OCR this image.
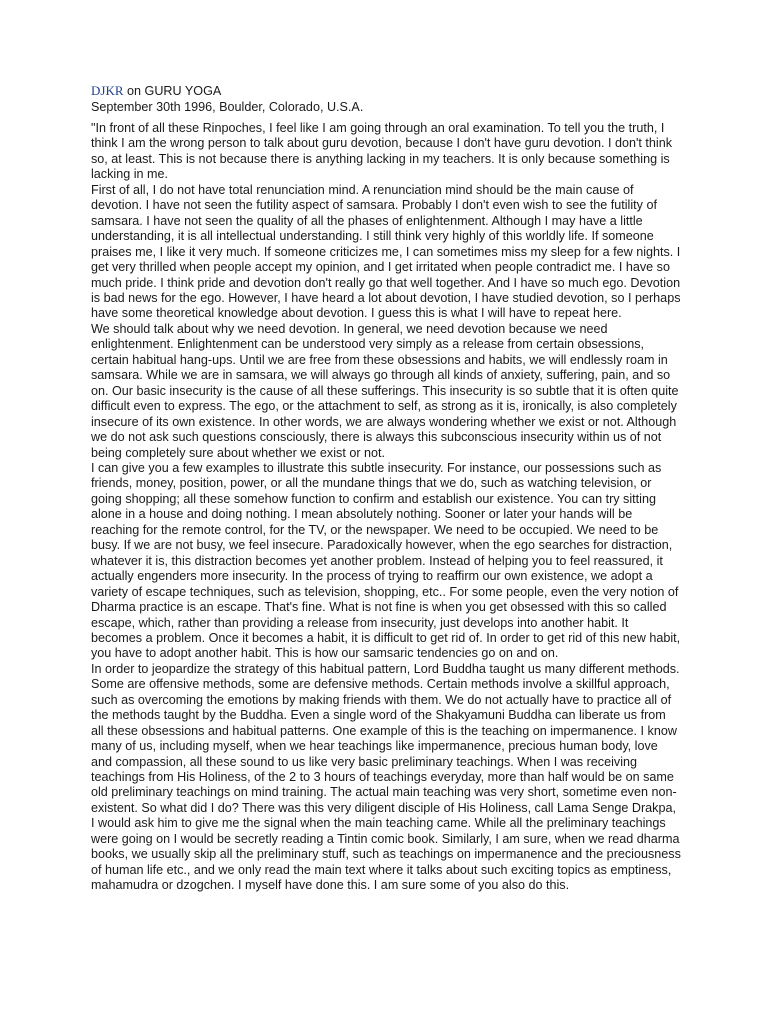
DJKR on GURU YOGA
September 30th 1996, Boulder, Colorado, U.S.A.

"In front of all these Rinpoches, I feel like I am going through an oral examination. To tell you the truth, I think I am the wrong person to talk about guru devotion, because I don't have guru devotion. I don't think so, at least. This is not because there is anything lacking in my teachers. It is only because something is lacking in me.

First of all, I do not have total renunciation mind. A renunciation mind should be the main cause of devotion. I have not seen the futility aspect of samsara. Probably I don't even wish to see the futility of samsara. I have not seen the quality of all the phases of enlightenment. Although I may have a little understanding, it is all intellectual understanding. I still think very highly of this worldly life. If someone praises me, I like it very much. If someone criticizes me, I can sometimes miss my sleep for a few nights. I get very thrilled when people accept my opinion, and I get irritated when people contradict me. I have so much pride. I think pride and devotion don't really go that well together. And I have so much ego. Devotion is bad news for the ego. However, I have heard a lot about devotion, I have studied devotion, so I perhaps have some theoretical knowledge about devotion. I guess this is what I will have to repeat here.

We should talk about why we need devotion. In general, we need devotion because we need enlightenment. Enlightenment can be understood very simply as a release from certain obsessions, certain habitual hang-ups. Until we are free from these obsessions and habits, we will endlessly roam in samsara. While we are in samsara, we will always go through all kinds of anxiety, suffering, pain, and so on. Our basic insecurity is the cause of all these sufferings. This insecurity is so subtle that it is often quite difficult even to express. The ego, or the attachment to self, as strong as it is, ironically, is also completely insecure of its own existence. In other words, we are always wondering whether we exist or not. Although we do not ask such questions consciously, there is always this subconscious insecurity within us of not being completely sure about whether we exist or not.

I can give you a few examples to illustrate this subtle insecurity. For instance, our possessions such as friends, money, position, power, or all the mundane things that we do, such as watching television, or going shopping; all these somehow function to confirm and establish our existence. You can try sitting alone in a house and doing nothing. I mean absolutely nothing. Sooner or later your hands will be reaching for the remote control, for the TV, or the newspaper. We need to be occupied. We need to be busy. If we are not busy, we feel insecure. Paradoxically however, when the ego searches for distraction, whatever it is, this distraction becomes yet another problem. Instead of helping you to feel reassured, it actually engenders more insecurity. In the process of trying to reaffirm our own existence, we adopt a variety of escape techniques, such as television, shopping, etc.. For some people, even the very notion of Dharma practice is an escape. That's fine. What is not fine is when you get obsessed with this so called escape, which, rather than providing a release from insecurity, just develops into another habit. It becomes a problem. Once it becomes a habit, it is difficult to get rid of. In order to get rid of this new habit, you have to adopt another habit. This is how our samsaric tendencies go on and on.

In order to jeopardize the strategy of this habitual pattern, Lord Buddha taught us many different methods. Some are offensive methods, some are defensive methods. Certain methods involve a skillful approach, such as overcoming the emotions by making friends with them. We do not actually have to practice all of the methods taught by the Buddha. Even a single word of the Shakyamuni Buddha can liberate us from all these obsessions and habitual patterns. One example of this is the teaching on impermanence. I know many of us, including myself, when we hear teachings like impermanence, precious human body, love and compassion, all these sound to us like very basic preliminary teachings. When I was receiving teachings from His Holiness, of the 2 to 3 hours of teachings everyday, more than half would be on same old preliminary teachings on mind training. The actual main teaching was very short, sometime even non-existent. So what did I do? There was this very diligent disciple of His Holiness, call Lama Senge Drakpa, I would ask him to give me the signal when the main teaching came. While all the preliminary teachings were going on I would be secretly reading a Tintin comic book. Similarly, I am sure, when we read dharma books, we usually skip all the preliminary stuff, such as teachings on impermanence and the preciousness of human life etc., and we only read the main text where it talks about such exciting topics as emptiness, mahamudra or dzogchen. I myself have done this. I am sure some of you also do this.
